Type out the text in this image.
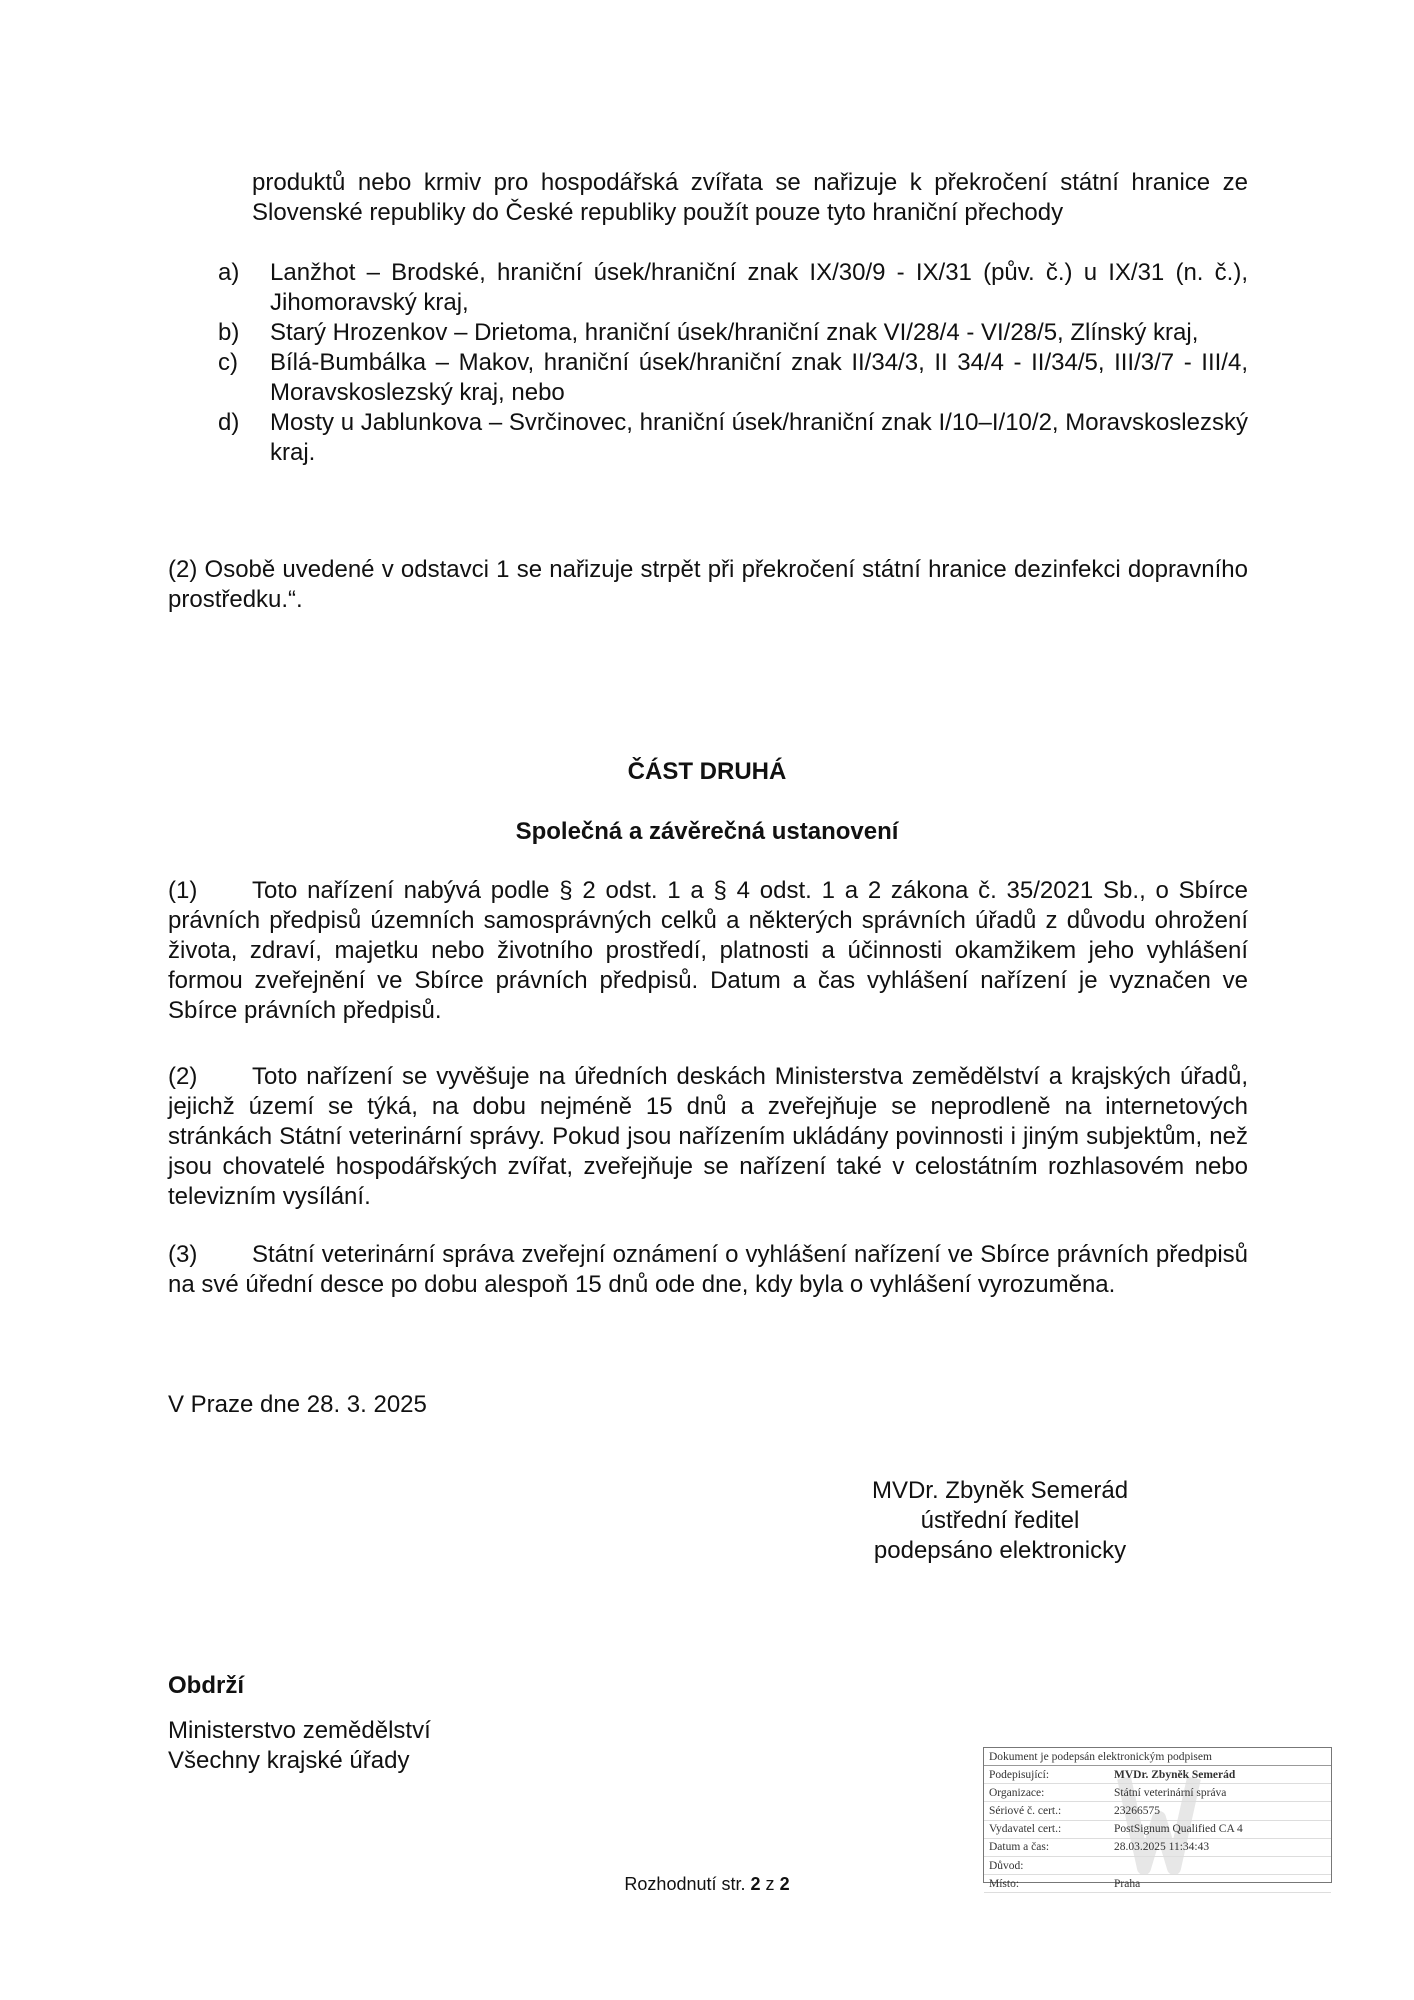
produktů nebo krmiv pro hospodářská zvířata se nařizuje k překročení státní hranice ze Slovenské republiky do České republiky použít pouze tyto hraniční přechody
a)	Lanžhot – Brodské, hraniční úsek/hraniční znak IX/30/9 - IX/31 (pův. č.) u IX/31 (n. č.), Jihomoravský kraj,
b)	Starý Hrozenkov – Drietoma, hraniční úsek/hraniční znak VI/28/4 - VI/28/5, Zlínský kraj,
c)	Bílá-Bumbálka – Makov, hraniční úsek/hraniční znak II/34/3, II 34/4 - II/34/5, III/3/7 - III/4, Moravskoslezský kraj, nebo
d)	Mosty u Jablunkova – Svrčinovec, hraniční úsek/hraniční znak I/10–I/10/2, Moravskoslezský kraj.
(2) Osobě uvedené v odstavci 1 se nařizuje strpět při překročení státní hranice dezinfekci dopravního prostředku.“.
ČÁST DRUHÁ
Společná a závěrečná ustanovení
(1) Toto nařízení nabývá podle § 2 odst. 1 a § 4 odst. 1 a 2 zákona č. 35/2021 Sb., o Sbírce právních předpisů územních samosprávných celků a některých správních úřadů z důvodu ohrožení života, zdraví, majetku nebo životního prostředí, platnosti a účinnosti okamžikem jeho vyhlášení formou zveřejnění ve Sbírce právních předpisů. Datum a čas vyhlášení nařízení je vyznačen ve Sbírce právních předpisů.
(2) Toto nařízení se vyvěšuje na úředních deskách Ministerstva zemědělství a krajských úřadů, jejichž území se týká, na dobu nejméně 15 dnů a zveřejňuje se neprodleně na internetových stránkách Státní veterinární správy. Pokud jsou nařízením ukládány povinnosti i jiným subjektům, než jsou chovatelé hospodářských zvířat, zveřejňuje se nařízení také v celostátním rozhlasovém nebo televizním vysílání.
(3) Státní veterinární správa zveřejní oznámení o vyhlášení nařízení ve Sbírce právních předpisů na své úřední desce po dobu alespoň 15 dnů ode dne, kdy byla o vyhlášení vyrozuměna.
V Praze dne 28. 3. 2025
MVDr. Zbyněk Semerád
ústřední ředitel
podepsáno elektronicky
Obdrží
Ministerstvo zemědělství
Všechny krajské úřady	Dokument je podepsán elektronickým podpisem
Podepisující:	MVDr. Zbyněk Semerád
Organizace:	Státní veterinární správa
Sériové č. cert.:	23266575
Vydavatel cert.:	PostSignum Qualified CA 4
Datum a čas:	28.03.2025 11:34:43
Důvod:	
Místo:	Praha
Rozhodnutí str. 2 z 2
